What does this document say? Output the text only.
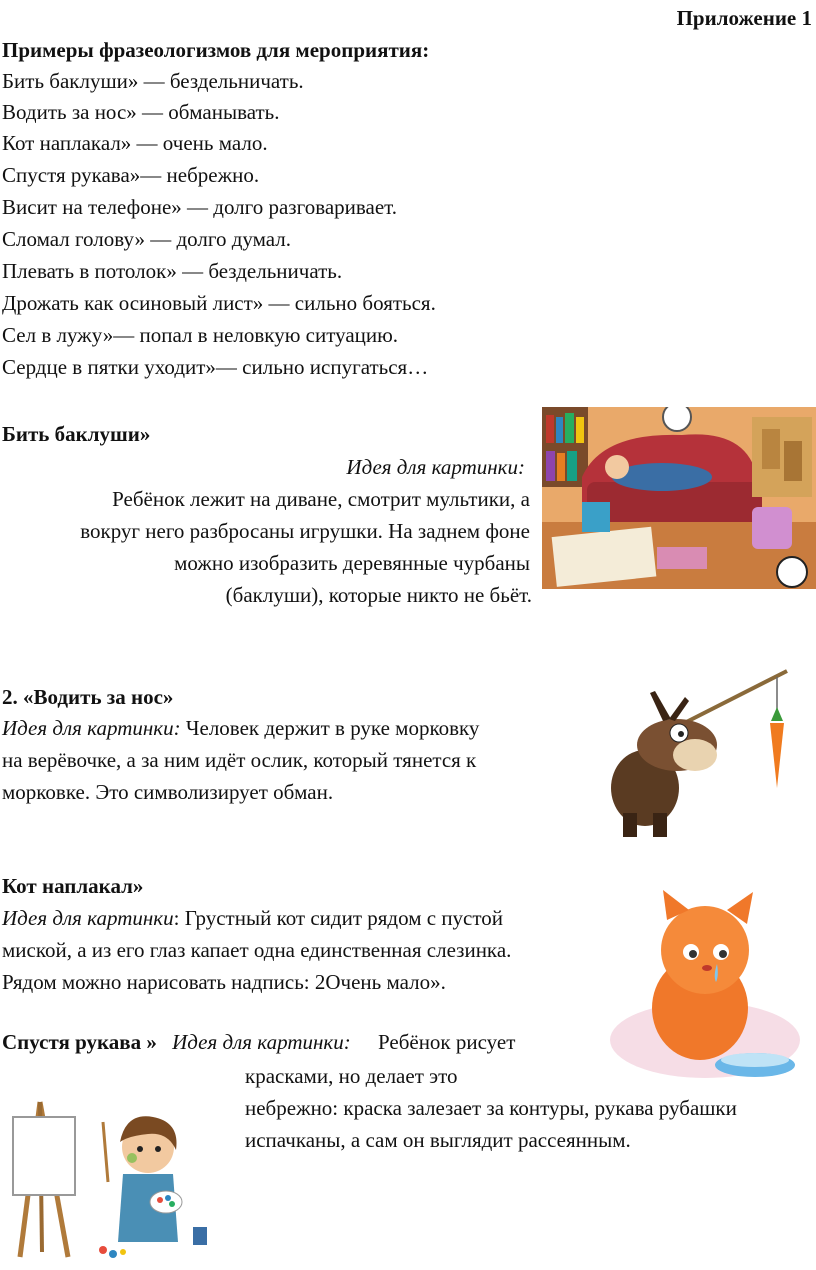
Приложение 1
Примеры фразеологизмов для мероприятия:
Бить баклуши» — бездельничать.
Водить за нос» — обманывать.
Кот наплакал» — очень мало.
Спустя рукава»— небрежно.
Висит на телефоне» — долго разговаривает.
Сломал голову» — долго думал.
Плевать в потолок» — бездельничать.
Дрожать как осиновый лист» — сильно бояться.
Сел в лужу»— попал в неловкую ситуацию.
Сердце в пятки уходит»— сильно испугаться…
Бить баклуши»
Идея для картинки:
Ребёнок лежит на диване, смотрит мультики, а
вокруг него разбросаны игрушки. На заднем фоне
можно изобразить деревянные чурбаны
(баклуши), которые никто не бьёт.
2. «Водить за нос»
Идея для картинки: Человек держит в руке морковку
на верёвочке, а за ним идёт ослик, который тянется к
морковке. Это символизирует обман.
Кот наплакал»
Идея для картинки: Грустный кот сидит рядом с пустой
миской, а из его глаз капает одна единственная слезинка.
Рядом можно нарисовать надпись: 2Очень мало».
Спустя рукава » Идея для картинки: Ребёнок рисует
красками, но делает это
небрежно: краска залезает за контуры, рукава рубашки
испачканы, а сам он выглядит рассеянным.
